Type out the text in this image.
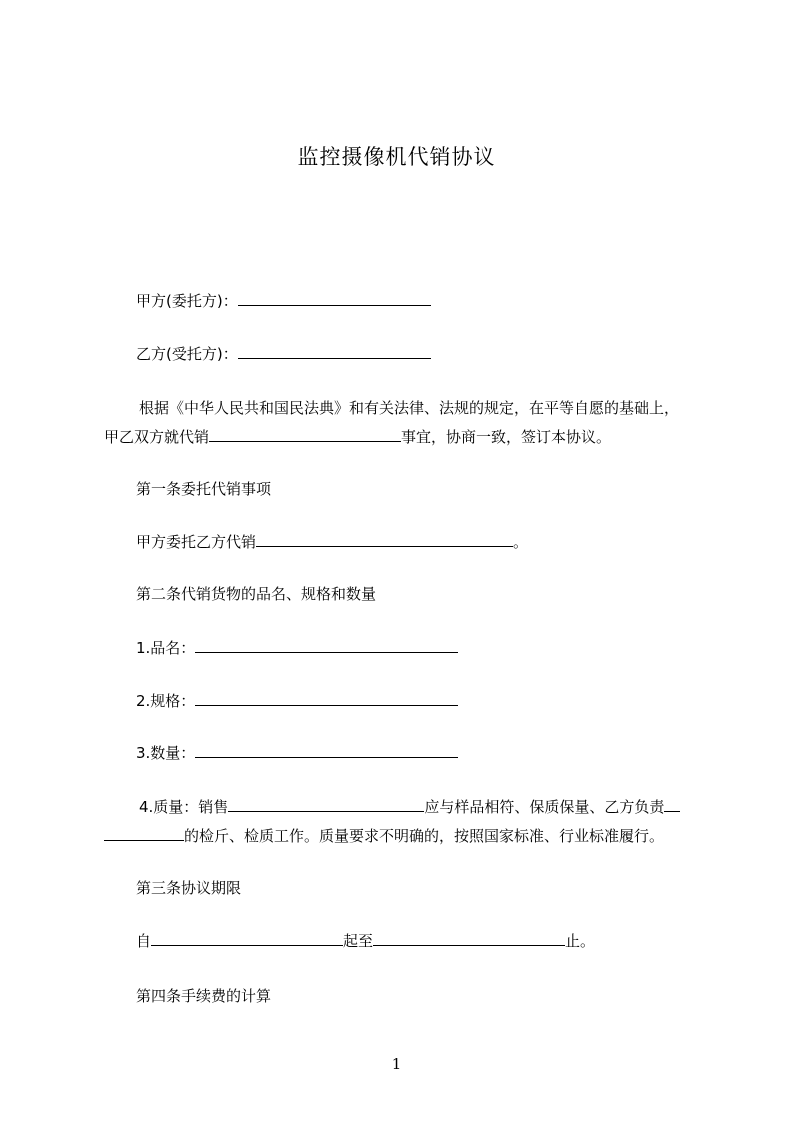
监控摄像机代销协议
甲方(委托方)：
乙方(受托方)：
根据《中华人民共和国民法典》和有关法律、法规的规定，在平等自愿的基础上，
甲乙双方就代销	事宜，协商一致，签订本协议。
第一条委托代销事项
甲方委托乙方代销	。
第二条代销货物的品名、规格和数量
1.品名：
2.规格：
3.数量：
4.质量：销售	应与样品相符、保质保量、乙方负责
的检斤、检质工作。质量要求不明确的，按照国家标准、行业标准履行。
第三条协议期限
自	起至	止。
第四条手续费的计算
1
